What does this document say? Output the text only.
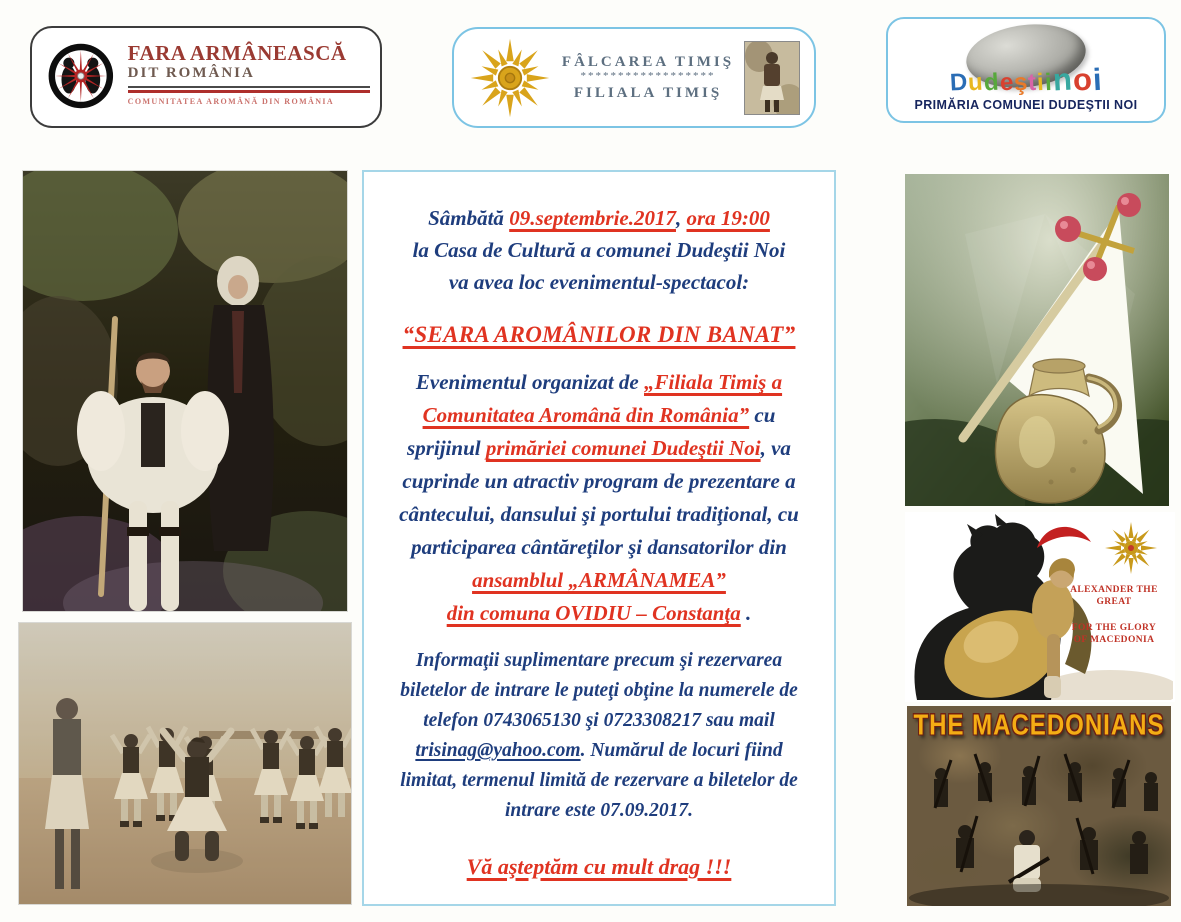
FARA ARMÂNEASCĂ
DIT ROMÂNIA
COMUNITATEA AROMÂNĂ DIN ROMÂNIA
FÂLCAREA TIMIŞ
******************
FILIALA TIMIŞ	Dudeştiinoi
PRIMĂRIA COMUNEI DUDEŞTII NOI
Sâmbătă 09.septembrie.2017, ora 19:00
la Casa de Cultură a comunei Dudeştii Noi
va avea loc evenimentul-spectacol:
“SEARA AROMÂNILOR DIN BANAT”
Evenimentul organizat de „Filiala Timiş a
Comunitatea Aromână din România” cu
sprijinul primăriei comunei Dudeştii Noi, va
cuprinde un atractiv program de prezentare a
cântecului, dansului şi portului tradiţional, cu
participarea cântăreţilor şi dansatorilor din
ansamblul „ARMÂNAMEA”
din comuna OVIDIU – Constanţa .
Informaţii suplimentare precum şi rezervarea
biletelor de intrare le puteţi obţine la numerele de
telefon 0743065130 şi 0723308217 sau mail
trisinag@yahoo.com. Numărul de locuri fiind
limitat, termenul limită de rezervare a biletelor de
intrare este 07.09.2017.
Vă aşteptăm cu mult drag !!!
ALEXANDER THE GREAT
FOR THE GLORY
OF MACEDONIA
THE MACEDONIANS
